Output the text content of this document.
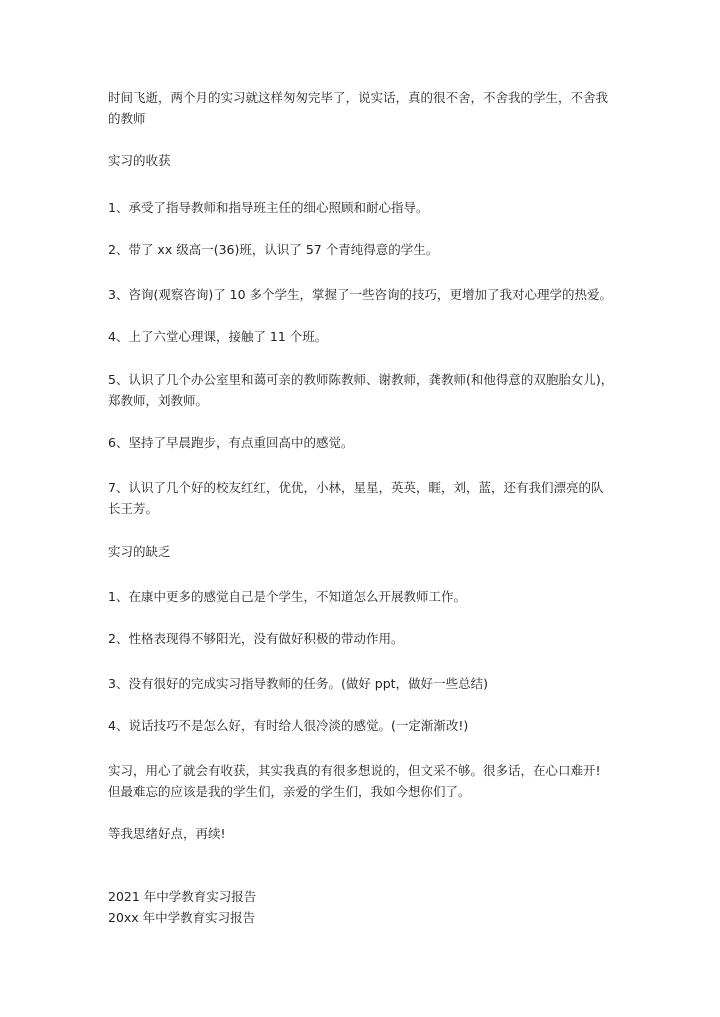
时间飞逝，两个月的实习就这样匆匆完毕了，说实话，真的很不舍，不舍我的学生，不舍我
的教师
实习的收获
1、承受了指导教师和指导班主任的细心照顾和耐心指导。
2、带了 xx 级高一(36)班，认识了 57 个青纯得意的学生。
3、咨询(观察咨询)了 10 多个学生，掌握了一些咨询的技巧，更增加了我对心理学的热爱。
4、上了六堂心理课，接触了 11 个班。
5、认识了几个办公室里和蔼可亲的教师陈教师、谢教师，龚教师(和他得意的双胞胎女儿)，
郑教师，刘教师。
6、坚持了早晨跑步，有点重回高中的感觉。
7、认识了几个好的校友红红，优优，小林，星星，英英，睚，刘，蓝，还有我们漂亮的队
长王芳。
实习的缺乏
1、在康中更多的感觉自己是个学生，不知道怎么开展教师工作。
2、性格表现得不够阳光，没有做好积极的带动作用。
3、没有很好的完成实习指导教师的任务。(做好 ppt，做好一些总结)
4、说话技巧不是怎么好，有时给人很冷淡的感觉。(一定渐渐改!)
实习，用心了就会有收获，其实我真的有很多想说的，但文采不够。很多话，在心口难开!
但最难忘的应该是我的学生们，亲爱的学生们，我如今想你们了。
等我思绪好点，再续!
2021 年中学教育实习报告
20xx 年中学教育实习报告
